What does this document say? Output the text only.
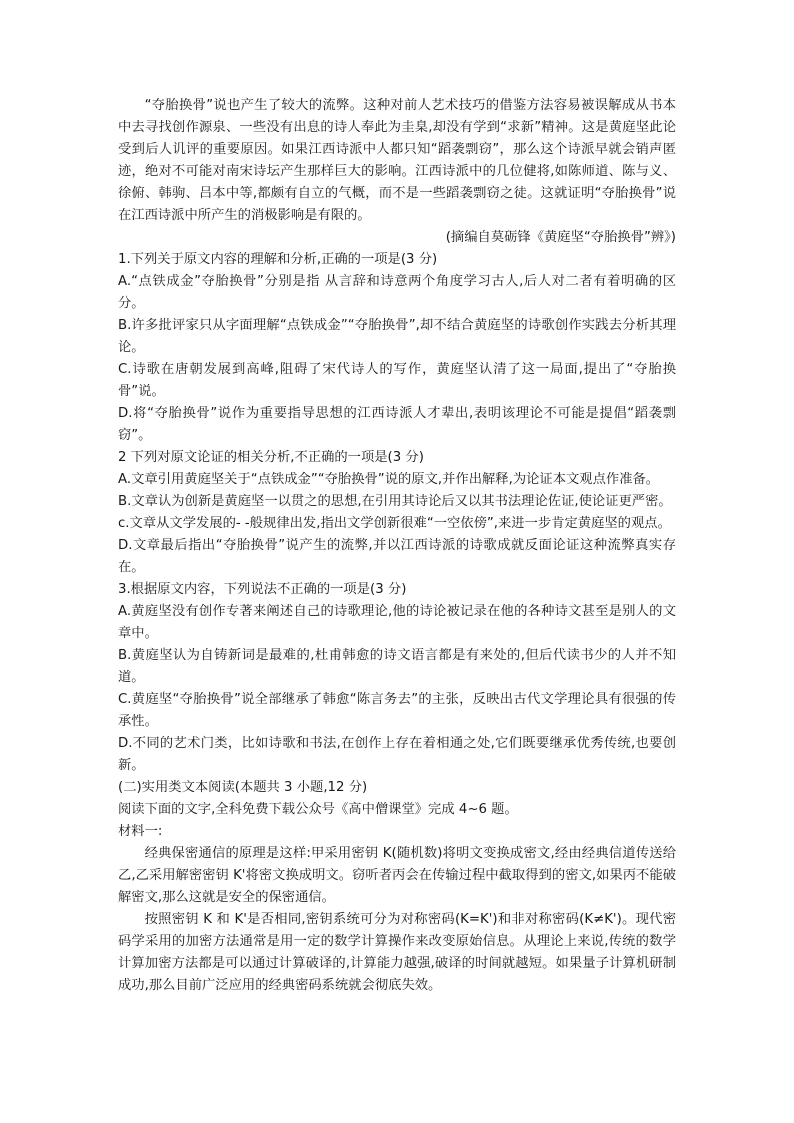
“夺胎换骨”说也产生了较大的流弊。这种对前人艺术技巧的借鉴方法容易被误解成从书本中去寻找创作源泉、一些没有出息的诗人奉此为圭臬,却没有学到“求新”精神。这是黄庭坚此论受到后人讥评的重要原因。如果江西诗派中人都只知“蹈袭剽窃”，那么这个诗派早就会销声匿迹，绝对不可能对南宋诗坛产生那样巨大的影响。江西诗派中的几位健将,如陈师道、陈与义、徐俯、韩驹、吕本中等,都颇有自立的气概，而不是一些蹈袭剽窃之徒。这就证明“夺胎换骨”说在江西诗派中所产生的消极影响是有限的。

(摘编自莫砺锋《黄庭坚“夺胎换骨”辨》)

1.下列关于原文内容的理解和分析,正确的一项是(3 分)

A.“点铁成金”夺胎换骨”分别是指 从言辞和诗意两个角度学习古人,后人对二者有着明确的区分。

B.许多批评家只从字面理解“点铁成金”“夺胎换骨”,却不结合黄庭坚的诗歌创作实践去分析其理论。

C.诗歌在唐朝发展到高峰,阻碍了宋代诗人的写作，黄庭坚认清了这一局面,提出了“夺胎换骨”说。

D.将“夺胎换骨”说作为重要指导思想的江西诗派人才辈出,表明该理论不可能是提倡“蹈袭剽窃”。

2 下列对原文论证的相关分析,不正确的一项是(3 分)

A.文章引用黄庭坚关于“点铁成金”“夺胎换骨”说的原文,并作出解释,为论证本文观点作准备。

B.文章认为创新是黄庭坚一以贯之的思想,在引用其诗论后又以其书法理论佐证,使论证更严密。

c.文章从文学发展的- -般规律出发,指出文学创新很难“一空依傍”,来进一步肯定黄庭坚的观点。

D.文章最后指出“夺胎换骨”说产生的流弊,并以江西诗派的诗歌成就反面论证这种流弊真实存在。

3.根据原文内容，下列说法不正确的一项是(3 分)

A.黄庭坚没有创作专著来阐述自己的诗歌理论,他的诗论被记录在他的各种诗文甚至是别人的文章中。

B.黄庭坚认为自铸新词是最难的,杜甫韩愈的诗文语言都是有来处的,但后代读书少的人并不知道。

C.黄庭坚“夺胎换骨”说全部继承了韩愈“陈言务去”的主张，反映出古代文学理论具有很强的传承性。

D.不同的艺术门类，比如诗歌和书法,在创作上存在着相通之处,它们既要继承优秀传统,也要创新。

(二)实用类文本阅读(本题共 3 小题,12 分)

阅读下面的文字,全科免费下载公众号《高中僧课堂》完成 4~6 题。

材料一:

经典保密通信的原理是这样:甲采用密钥 K(随机数)将明文变换成密文,经由经典信道传送给乙,乙采用解密密钥 K'将密文换成明文。窃听者丙会在传输过程中截取得到的密文,如果丙不能破解密文,那么这就是安全的保密通信。

按照密钥 K 和 K'是否相同,密钥系统可分为对称密码(K=K')和非对称密码(K≠K')。现代密码学采用的加密方法通常是用一定的数学计算操作来改变原始信息。从理论上来说,传统的数学计算加密方法都是可以通过计算破译的,计算能力越强,破译的时间就越短。如果量子计算机研制成功,那么目前广泛应用的经典密码系统就会彻底失效。
